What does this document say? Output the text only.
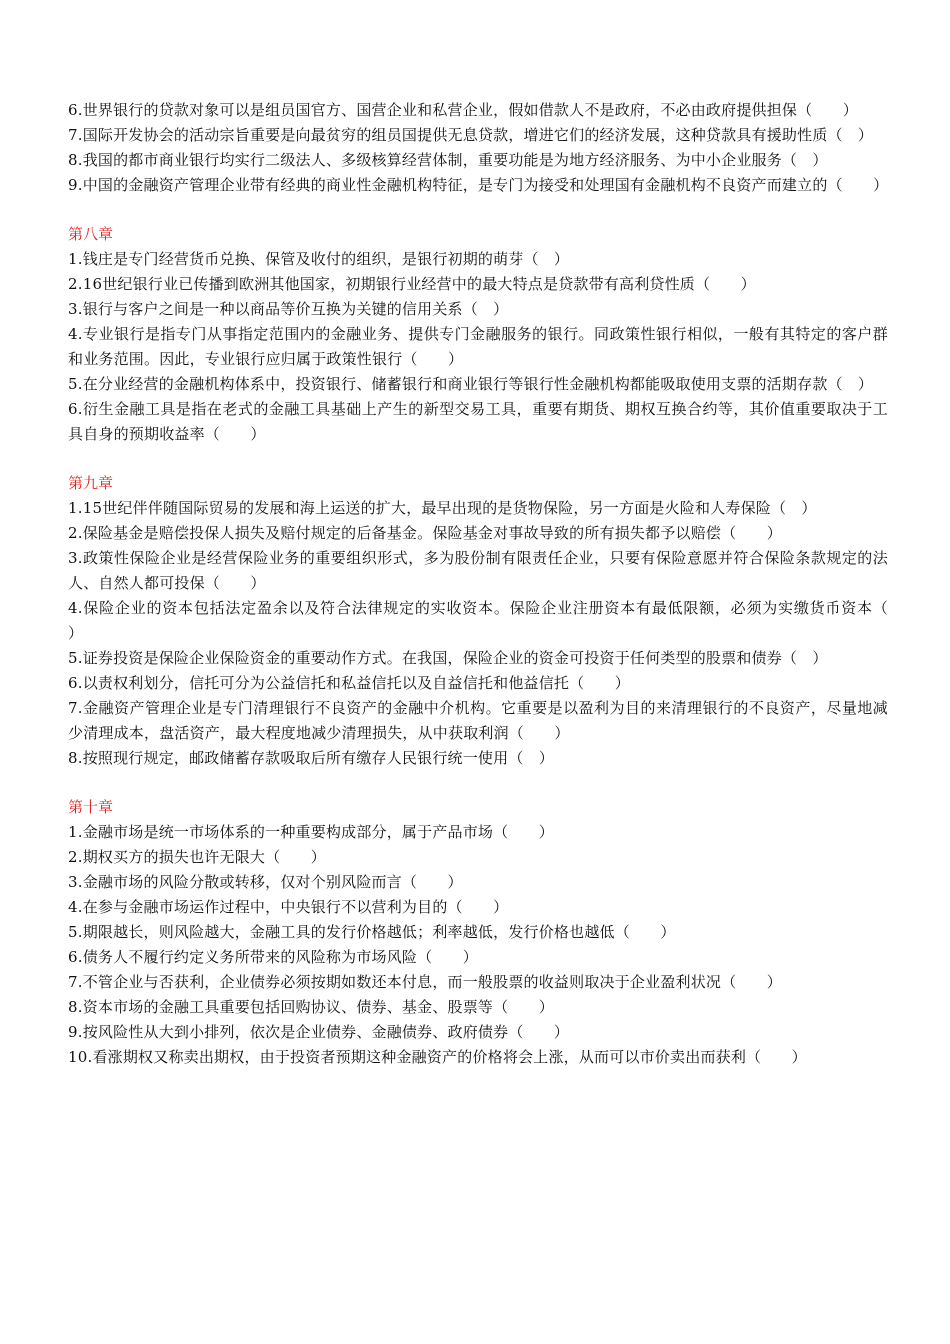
6.世界银行的贷款对象可以是组员国官方、国营企业和私营企业，假如借款人不是政府，不必由政府提供担保（　　）

7.国际开发协会的活动宗旨重要是向最贫穷的组员国提供无息贷款，增进它们的经济发展，这种贷款具有援助性质（　）

8.我国的都市商业银行均实行二级法人、多级核算经营体制，重要功能是为地方经济服务、为中小企业服务（　）

9.中国的金融资产管理企业带有经典的商业性金融机构特征，是专门为接受和处理国有金融机构不良资产而建立的（　　）

第八章

1.钱庄是专门经营货币兑换、保管及收付的组织，是银行初期的萌芽（　）

2.16世纪银行业已传播到欧洲其他国家，初期银行业经营中的最大特点是贷款带有高利贷性质（　　）

3.银行与客户之间是一种以商品等价互换为关键的信用关系（　）

4.专业银行是指专门从事指定范围内的金融业务、提供专门金融服务的银行。同政策性银行相似，一般有其特定的客户群和业务范围。因此，专业银行应归属于政策性银行（　　）

5.在分业经营的金融机构体系中，投资银行、储蓄银行和商业银行等银行性金融机构都能吸取使用支票的活期存款（　）

6.衍生金融工具是指在老式的金融工具基础上产生的新型交易工具，重要有期货、期权互换合约等，其价值重要取决于工具自身的预期收益率（　　）

第九章

1.15世纪伴伴随国际贸易的发展和海上运送的扩大，最早出现的是货物保险，另一方面是火险和人寿保险（　）

2.保险基金是赔偿投保人损失及赔付规定的后备基金。保险基金对事故导致的所有损失都予以赔偿（　　）

3.政策性保险企业是经营保险业务的重要组织形式，多为股份制有限责任企业，只要有保险意愿并符合保险条款规定的法人、自然人都可投保（　　）

4.保险企业的资本包括法定盈余以及符合法律规定的实收资本。保险企业注册资本有最低限额，必须为实缴货币资本（　　）

5.证券投资是保险企业保险资金的重要动作方式。在我国，保险企业的资金可投资于任何类型的股票和债券（　）

6.以责权利划分，信托可分为公益信托和私益信托以及自益信托和他益信托（　　）

7.金融资产管理企业是专门清理银行不良资产的金融中介机构。它重要是以盈利为目的来清理银行的不良资产，尽量地减少清理成本，盘活资产，最大程度地减少清理损失，从中获取利润（　　）

8.按照现行规定，邮政储蓄存款吸取后所有缴存人民银行统一使用（　）

第十章

1.金融市场是统一市场体系的一种重要构成部分，属于产品市场（　　）

2.期权买方的损失也许无限大（　　）

3.金融市场的风险分散或转移，仅对个别风险而言（　　）

4.在参与金融市场运作过程中，中央银行不以营利为目的（　　）

5.期限越长，则风险越大，金融工具的发行价格越低；利率越低，发行价格也越低（　　）

6.债务人不履行约定义务所带来的风险称为市场风险（　　）

7.不管企业与否获利，企业债券必须按期如数还本付息，而一般股票的收益则取决于企业盈利状况（　　）

8.资本市场的金融工具重要包括回购协议、债券、基金、股票等（　　）

9.按风险性从大到小排列，依次是企业债券、金融债券、政府债券（　　）

10.看涨期权又称卖出期权，由于投资者预期这种金融资产的价格将会上涨，从而可以市价卖出而获利（　　）
